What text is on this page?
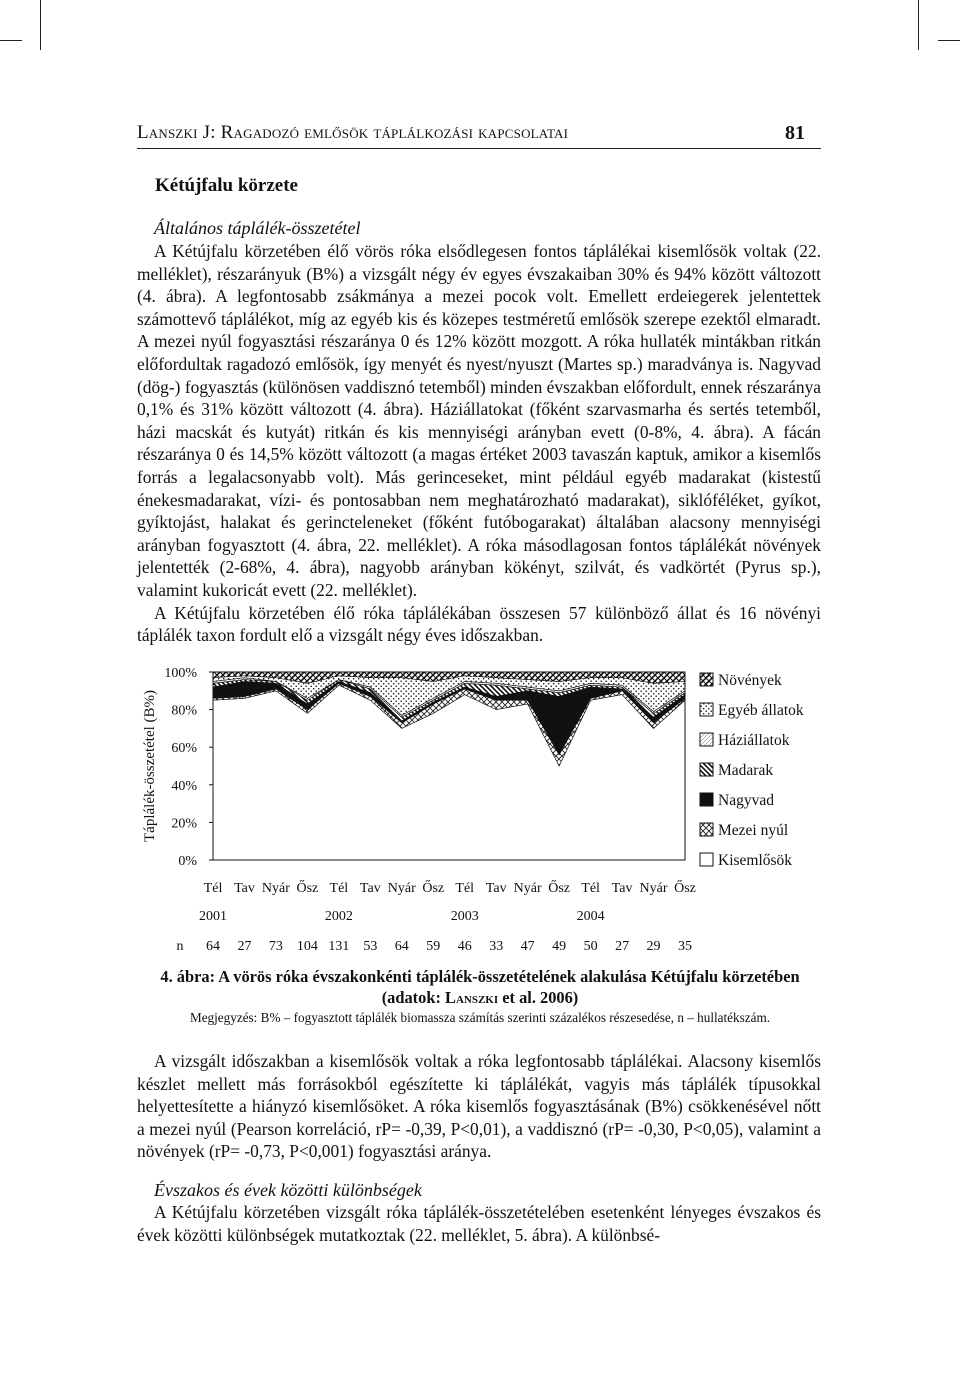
Lanszki J: Ragadozó emlősök táplálkozási kapcsolatai	81
Kétújfalu körzete
Általános táplálék-összetétel

A Kétújfalu körzetében élő vörös róka elsődlegesen fontos táplálékai kisemlősök voltak (22. melléklet), részarányuk (B%) a vizsgált négy év egyes évszakaiban 30% és 94% között változott (4. ábra). A legfontosabb zsákmánya a mezei pocok volt. Emellett erdeiegerek jelentettek számottevő táplálékot, míg az egyéb kis és közepes testméretű emlősök szerepe ezektől elmaradt. A mezei nyúl fogyasztási részaránya 0 és 12% között mozgott. A róka hullaték mintákban ritkán előfordultak ragadozó emlősök, így menyét és nyest/nyuszt (Martes sp.) maradványa is. Nagyvad (dög-) fogyasztás (különösen vaddisznó tetemből) minden évszakban előfordult, ennek részaránya 0,1% és 31% között változott (4. ábra). Háziállatokat (főként szarvasmarha és sertés tetemből, házi macskát és kutyát) ritkán és kis mennyiségi arányban evett (0-8%, 4. ábra). A fácán részaránya 0 és 14,5% között változott (a magas értéket 2003 tavaszán kaptuk, amikor a kisemlős forrás a legalacsonyabb volt). Más gerinceseket, mint például egyéb madarakat (kistestű énekesmadarakat, vízi- és pontosabban nem meghatározható madarakat), siklóféléket, gyíkot, gyíktojást, halakat és gerincteleneket (főként futóbogarakat) általában alacsony mennyiségi arányban fogyasztott (4. ábra, 22. melléklet). A róka másodlagosan fontos táplálékát növények jelentették (2-68%, 4. ábra), nagyobb arányban kökényt, szilvát, és vadkörtét (Pyrus sp.), valamint kukoricát evett (22. melléklet).

A Kétújfalu körzetében élő róka táplálékában összesen 57 különböző állat és 16 növényi táplálék taxon fordult elő a vizsgált négy éves időszakban.

Táplálék-összetétel (B%)
0%
20%
40%
60%
80%
100%
Tél Tav Nyár Ősz Tél Tav Nyár Ősz Tél Tav Nyár Ősz Tél Tav Nyár Ősz
2001	2002	2003	2004
n 64 27 73 104 131 53 64 59 46 33 47 49 50 27 29 35
Növények
Egyéb állatok
Háziállatok
Madarak
Nagyvad
Mezei nyúl
Kisemlősök
4. ábra: A vörös róka évszakonkénti táplálék-összetételének alakulása Kétújfalu körzetében
(adatok: Lanszki et al. 2006)
Megjegyzés: B% – fogyasztott táplálék biomassza számítás szerinti százalékos részesedése, n – hullatékszám.

A vizsgált időszakban a kisemlősök voltak a róka legfontosabb táplálékai. Alacsony kisemlős készlet mellett más forrásokból egészítette ki táplálékát, vagyis más táplálék típusokkal helyettesítette a hiányzó kisemlősöket. A róka kisemlős fogyasztásának (B%) csökkenésével nőtt a mezei nyúl (Pearson korreláció, rP= -0,39, P<0,01), a vaddisznó (rP= -0,30, P<0,05), valamint a növények (rP= -0,73, P<0,001) fogyasztási aránya.

Évszakos és évek közötti különbségek

A Kétújfalu körzetében vizsgált róka táplálék-összetételében esetenként lényeges évszakos és évek közötti különbségek mutatkoztak (22. melléklet, 5. ábra). A különbsé-
